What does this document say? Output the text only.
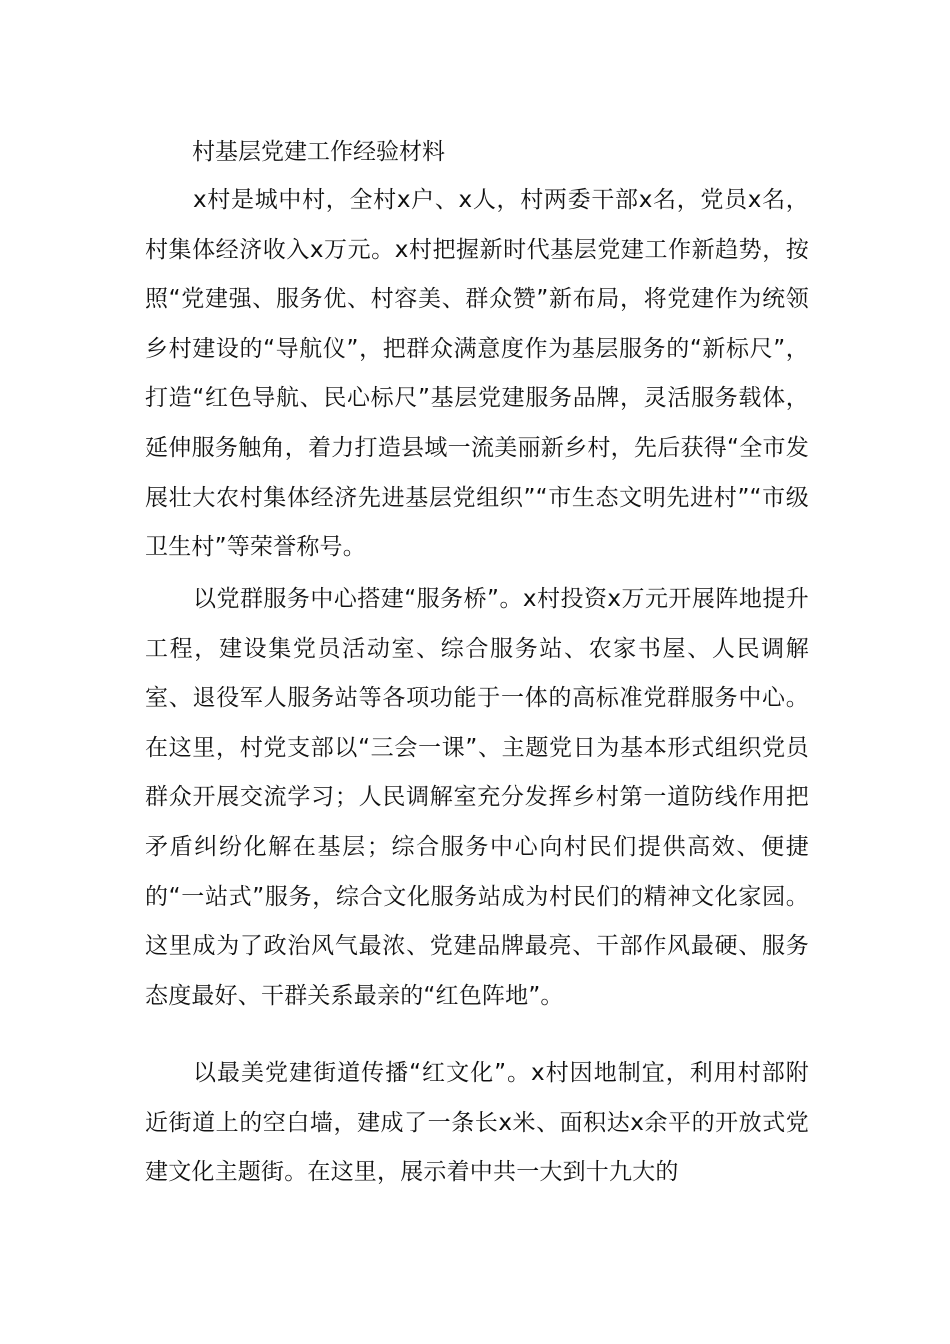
村基层党建工作经验材料

x村是城中村，全村x户、x人，村两委干部x名，党员x名，村集体经济收入x万元。x村把握新时代基层党建工作新趋势，按照“党建强、服务优、村容美、群众赞”新布局，将党建作为统领乡村建设的“导航仪”，把群众满意度作为基层服务的“新标尺”，打造“红色导航、民心标尺”基层党建服务品牌，灵活服务载体，延伸服务触角，着力打造县域一流美丽新乡村，先后获得“全市发展壮大农村集体经济先进基层党组织”“市生态文明先进村”“市级卫生村”等荣誉称号。

以党群服务中心搭建“服务桥”。x村投资x万元开展阵地提升工程，建设集党员活动室、综合服务站、农家书屋、人民调解室、退役军人服务站等各项功能于一体的高标准党群服务中心。在这里，村党支部以“三会一课”、主题党日为基本形式组织党员群众开展交流学习；人民调解室充分发挥乡村第一道防线作用把矛盾纠纷化解在基层；综合服务中心向村民们提供高效、便捷的“一站式”服务，综合文化服务站成为村民们的精神文化家园。这里成为了政治风气最浓、党建品牌最亮、干部作风最硬、服务态度最好、干群关系最亲的“红色阵地”。

以最美党建街道传播“红文化”。x村因地制宜，利用村部附近街道上的空白墙，建成了一条长x米、面积达x余平的开放式党建文化主题街。在这里，展示着中共一大到十九大的
